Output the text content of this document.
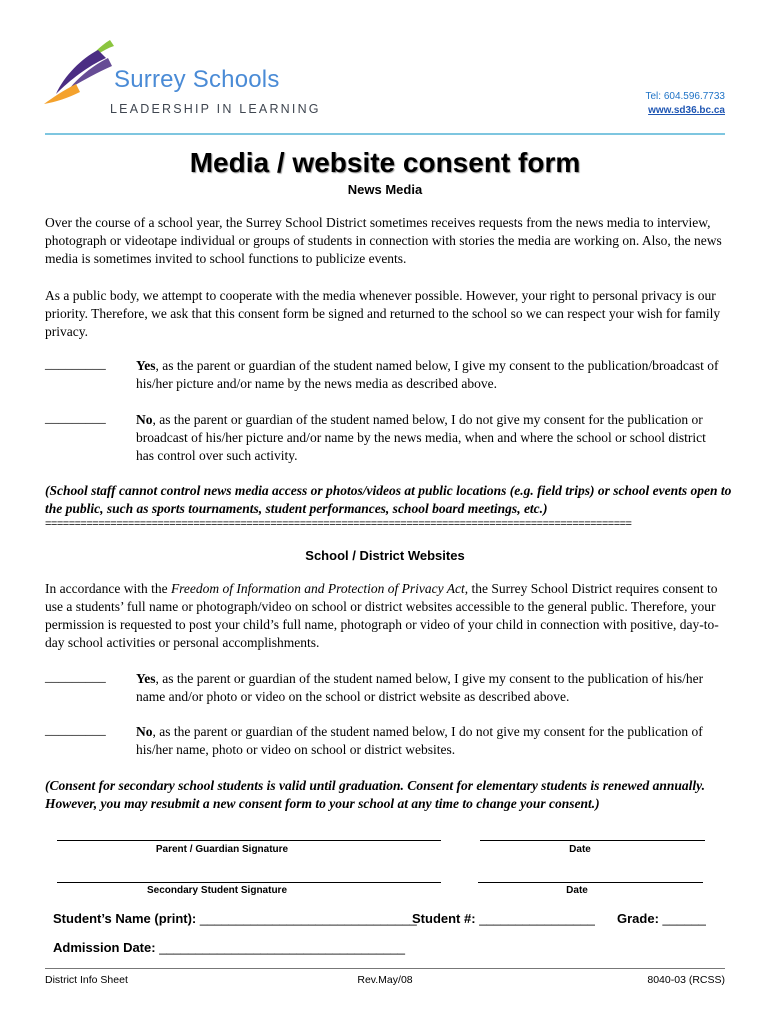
Surrey Schools
LEADERSHIP IN LEARNING
Tel: 604.596.7733
www.sd36.bc.ca
Media / website consent form
News Media
Over the course of a school year, the Surrey School District sometimes receives requests from the news media to interview, photograph or videotape individual or groups of students in connection with stories the media are working on. Also, the news media is sometimes invited to school functions to publicize events.
As a public body, we attempt to cooperate with the media whenever possible. However, your right to personal privacy is our priority. Therefore, we ask that this consent form be signed and returned to the school so we can respect your wish for family privacy.
_________ Yes, as the parent or guardian of the student named below, I give my consent to the publication/broadcast of his/her picture and/or name by the news media as described above.
_________ No, as the parent or guardian of the student named below, I do not give my consent for the publication or broadcast of his/her picture and/or name by the news media, when and where the school or school district has control over such activity.
(School staff cannot control news media access or photos/videos at public locations (e.g. field trips) or school events open to the public, such as sports tournaments, student performances, school board meetings, etc.)
===================================================================================================
School / District Websites
In accordance with the Freedom of Information and Protection of Privacy Act, the Surrey School District requires consent to use a students’ full name or photograph/video on school or district websites accessible to the general public. Therefore, your permission is requested to post your child’s full name, photograph or video of your child in connection with positive, day-to-day school activities or personal accomplishments.
_________ Yes, as the parent or guardian of the student named below, I give my consent to the publication of his/her name and/or photo or video on the school or district website as described above.
_________ No, as the parent or guardian of the student named below, I do not give my consent for the publication of his/her name, photo or video on school or district websites.
(Consent for secondary school students is valid until graduation. Consent for elementary students is renewed annually. However, you may resubmit a new consent form to your school at any time to change your consent.)
Parent / Guardian Signature	Date
Secondary Student Signature	Date
Student’s Name (print): ______________________________
Student #: ________________ Grade: ______
Admission Date: __________________________________
District Info Sheet	Rev.May/08	8040-03 (RCSS)
